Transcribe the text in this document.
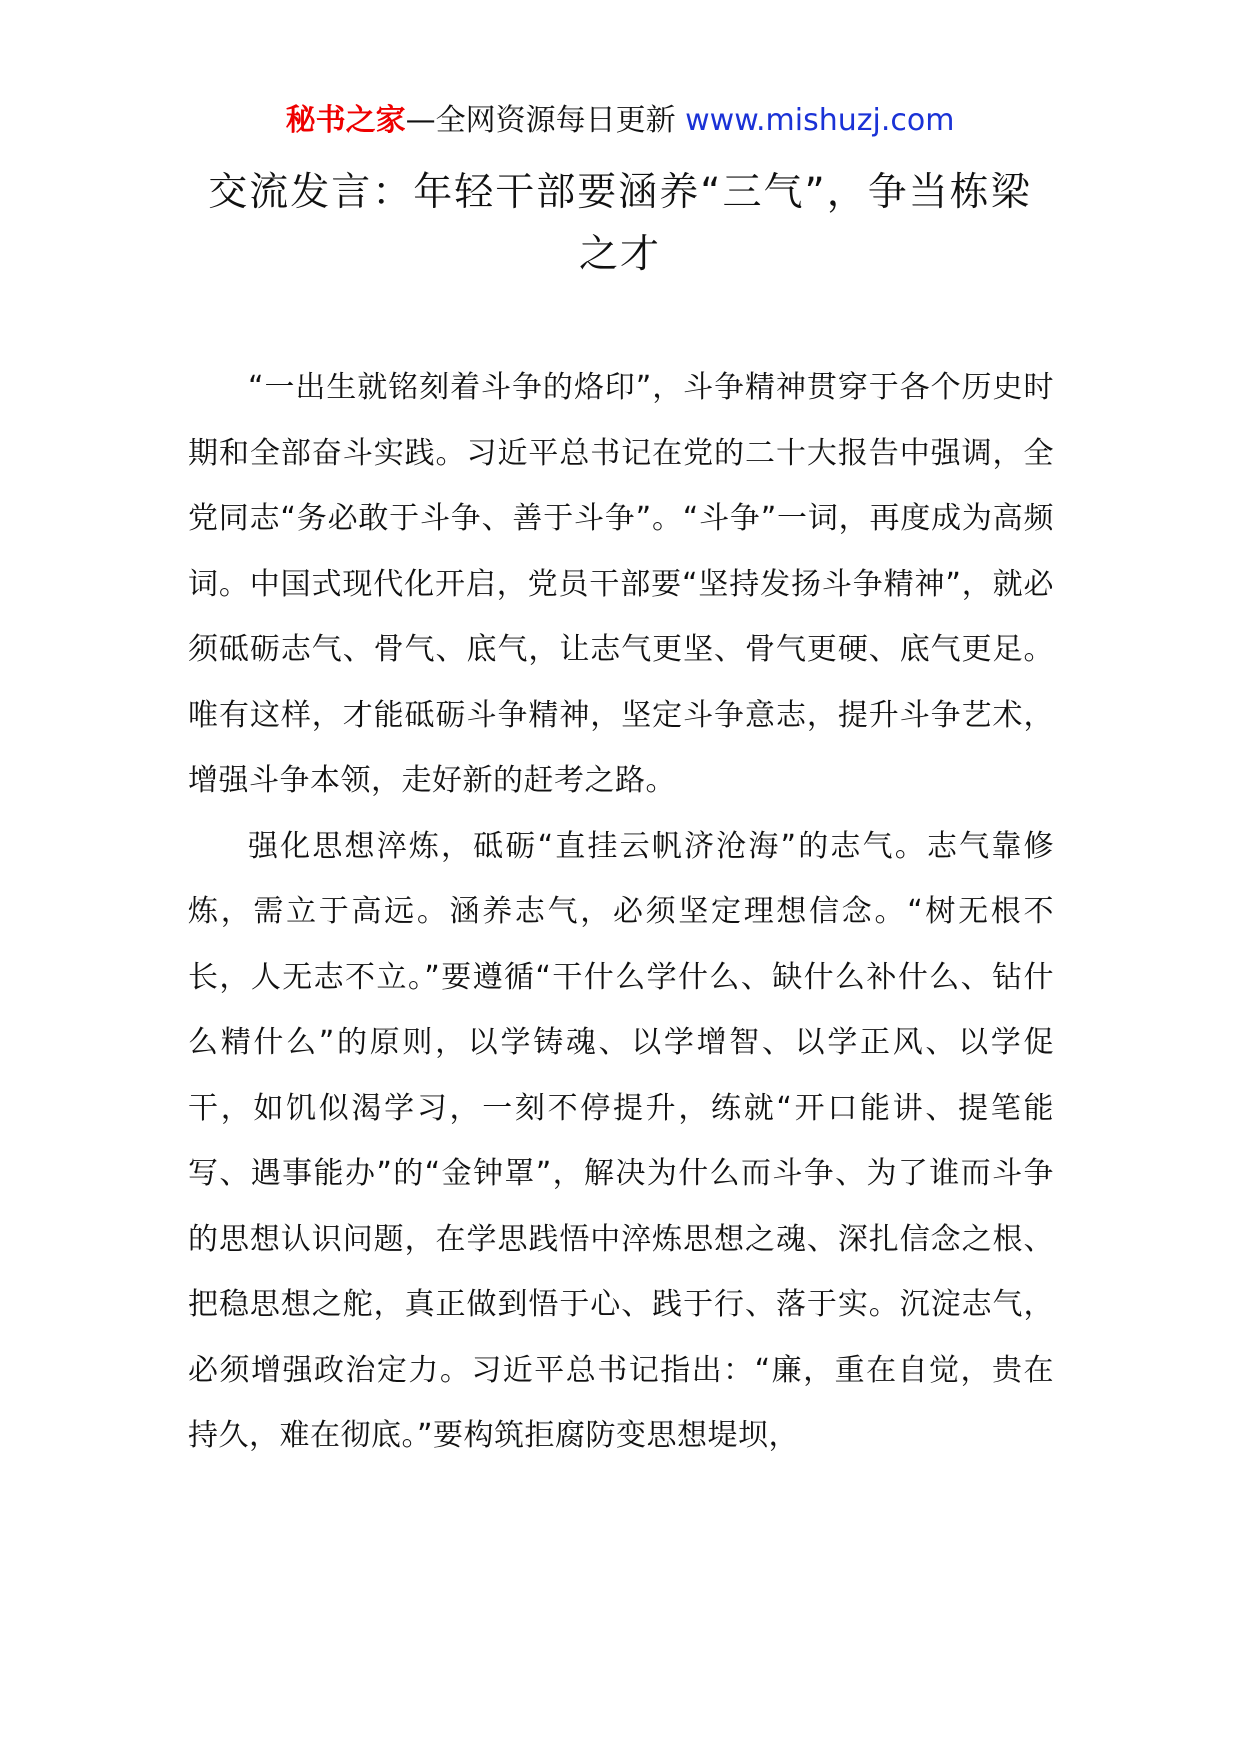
秘书之家—全网资源每日更新 www.mishuzj.com
交流发言：年轻干部要涵养“三气”，争当栋梁之才

“一出生就铭刻着斗争的烙印”，斗争精神贯穿于各个历史时期和全部奋斗实践。习近平总书记在党的二十大报告中强调，全党同志“务必敢于斗争、善于斗争”。“斗争”一词，再度成为高频词。中国式现代化开启，党员干部要“坚持发扬斗争精神”，就必须砥砺志气、骨气、底气，让志气更坚、骨气更硬、底气更足。唯有这样，才能砥砺斗争精神，坚定斗争意志，提升斗争艺术，增强斗争本领，走好新的赶考之路。

强化思想淬炼，砥砺“直挂云帆济沧海”的志气。志气靠修炼，需立于高远。涵养志气，必须坚定理想信念。“树无根不长，人无志不立。”要遵循“干什么学什么、缺什么补什么、钻什么精什么”的原则，以学铸魂、以学增智、以学正风、以学促干，如饥似渴学习，一刻不停提升，练就“开口能讲、提笔能写、遇事能办”的“金钟罩”，解决为什么而斗争、为了谁而斗争的思想认识问题，在学思践悟中淬炼思想之魂、深扎信念之根、把稳思想之舵，真正做到悟于心、践于行、落于实。沉淀志气，必须增强政治定力。习近平总书记指出：“廉，重在自觉，贵在持久，难在彻底。”要构筑拒腐防变思想堤坝，
